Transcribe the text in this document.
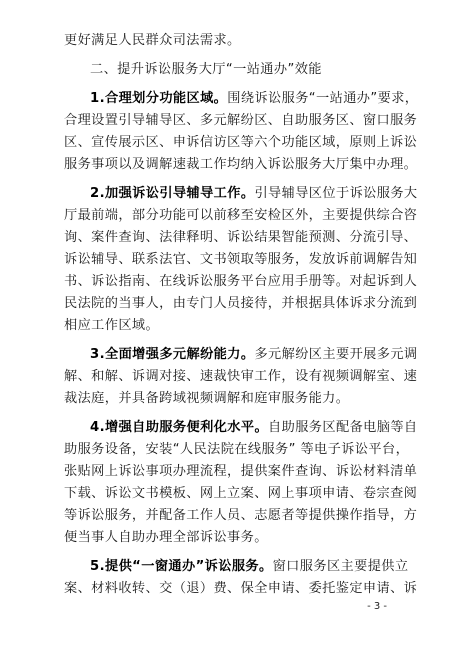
更好满足人民群众司法需求。
二、提升诉讼服务大厅“一站通办”效能
1.合理划分功能区域。围绕诉讼服务“一站通办”要求，
合理设置引导辅导区、多元解纷区、自助服务区、窗口服务
区、宣传展示区、申诉信访区等六个功能区域，原则上诉讼
服务事项以及调解速裁工作均纳入诉讼服务大厅集中办理。
2.加强诉讼引导辅导工作。引导辅导区位于诉讼服务大
厅最前端，部分功能可以前移至安检区外，主要提供综合咨
询、案件查询、法律释明、诉讼结果智能预测、分流引导、
诉讼辅导、联系法官、文书领取等服务，发放诉前调解告知
书、诉讼指南、在线诉讼服务平台应用手册等。对起诉到人
民法院的当事人，由专门人员接待，并根据具体诉求分流到
相应工作区域。
3.全面增强多元解纷能力。多元解纷区主要开展多元调
解、和解、诉调对接、速裁快审工作，设有视频调解室、速
裁法庭，并具备跨域视频调解和庭审服务能力。
4.增强自助服务便利化水平。自助服务区配备电脑等自
助服务设备，安装“人民法院在线服务” 等电子诉讼平台，
张贴网上诉讼事项办理流程，提供案件查询、诉讼材料清单
下载、诉讼文书模板、网上立案、网上事项申请、卷宗查阅
等诉讼服务，并配备工作人员、志愿者等提供操作指导，方
便当事人自助办理全部诉讼事务。
5.提供“一窗通办”诉讼服务。窗口服务区主要提供立
案、材料收转、交（退）费、保全申请、委托鉴定申请、诉
- 3 -
